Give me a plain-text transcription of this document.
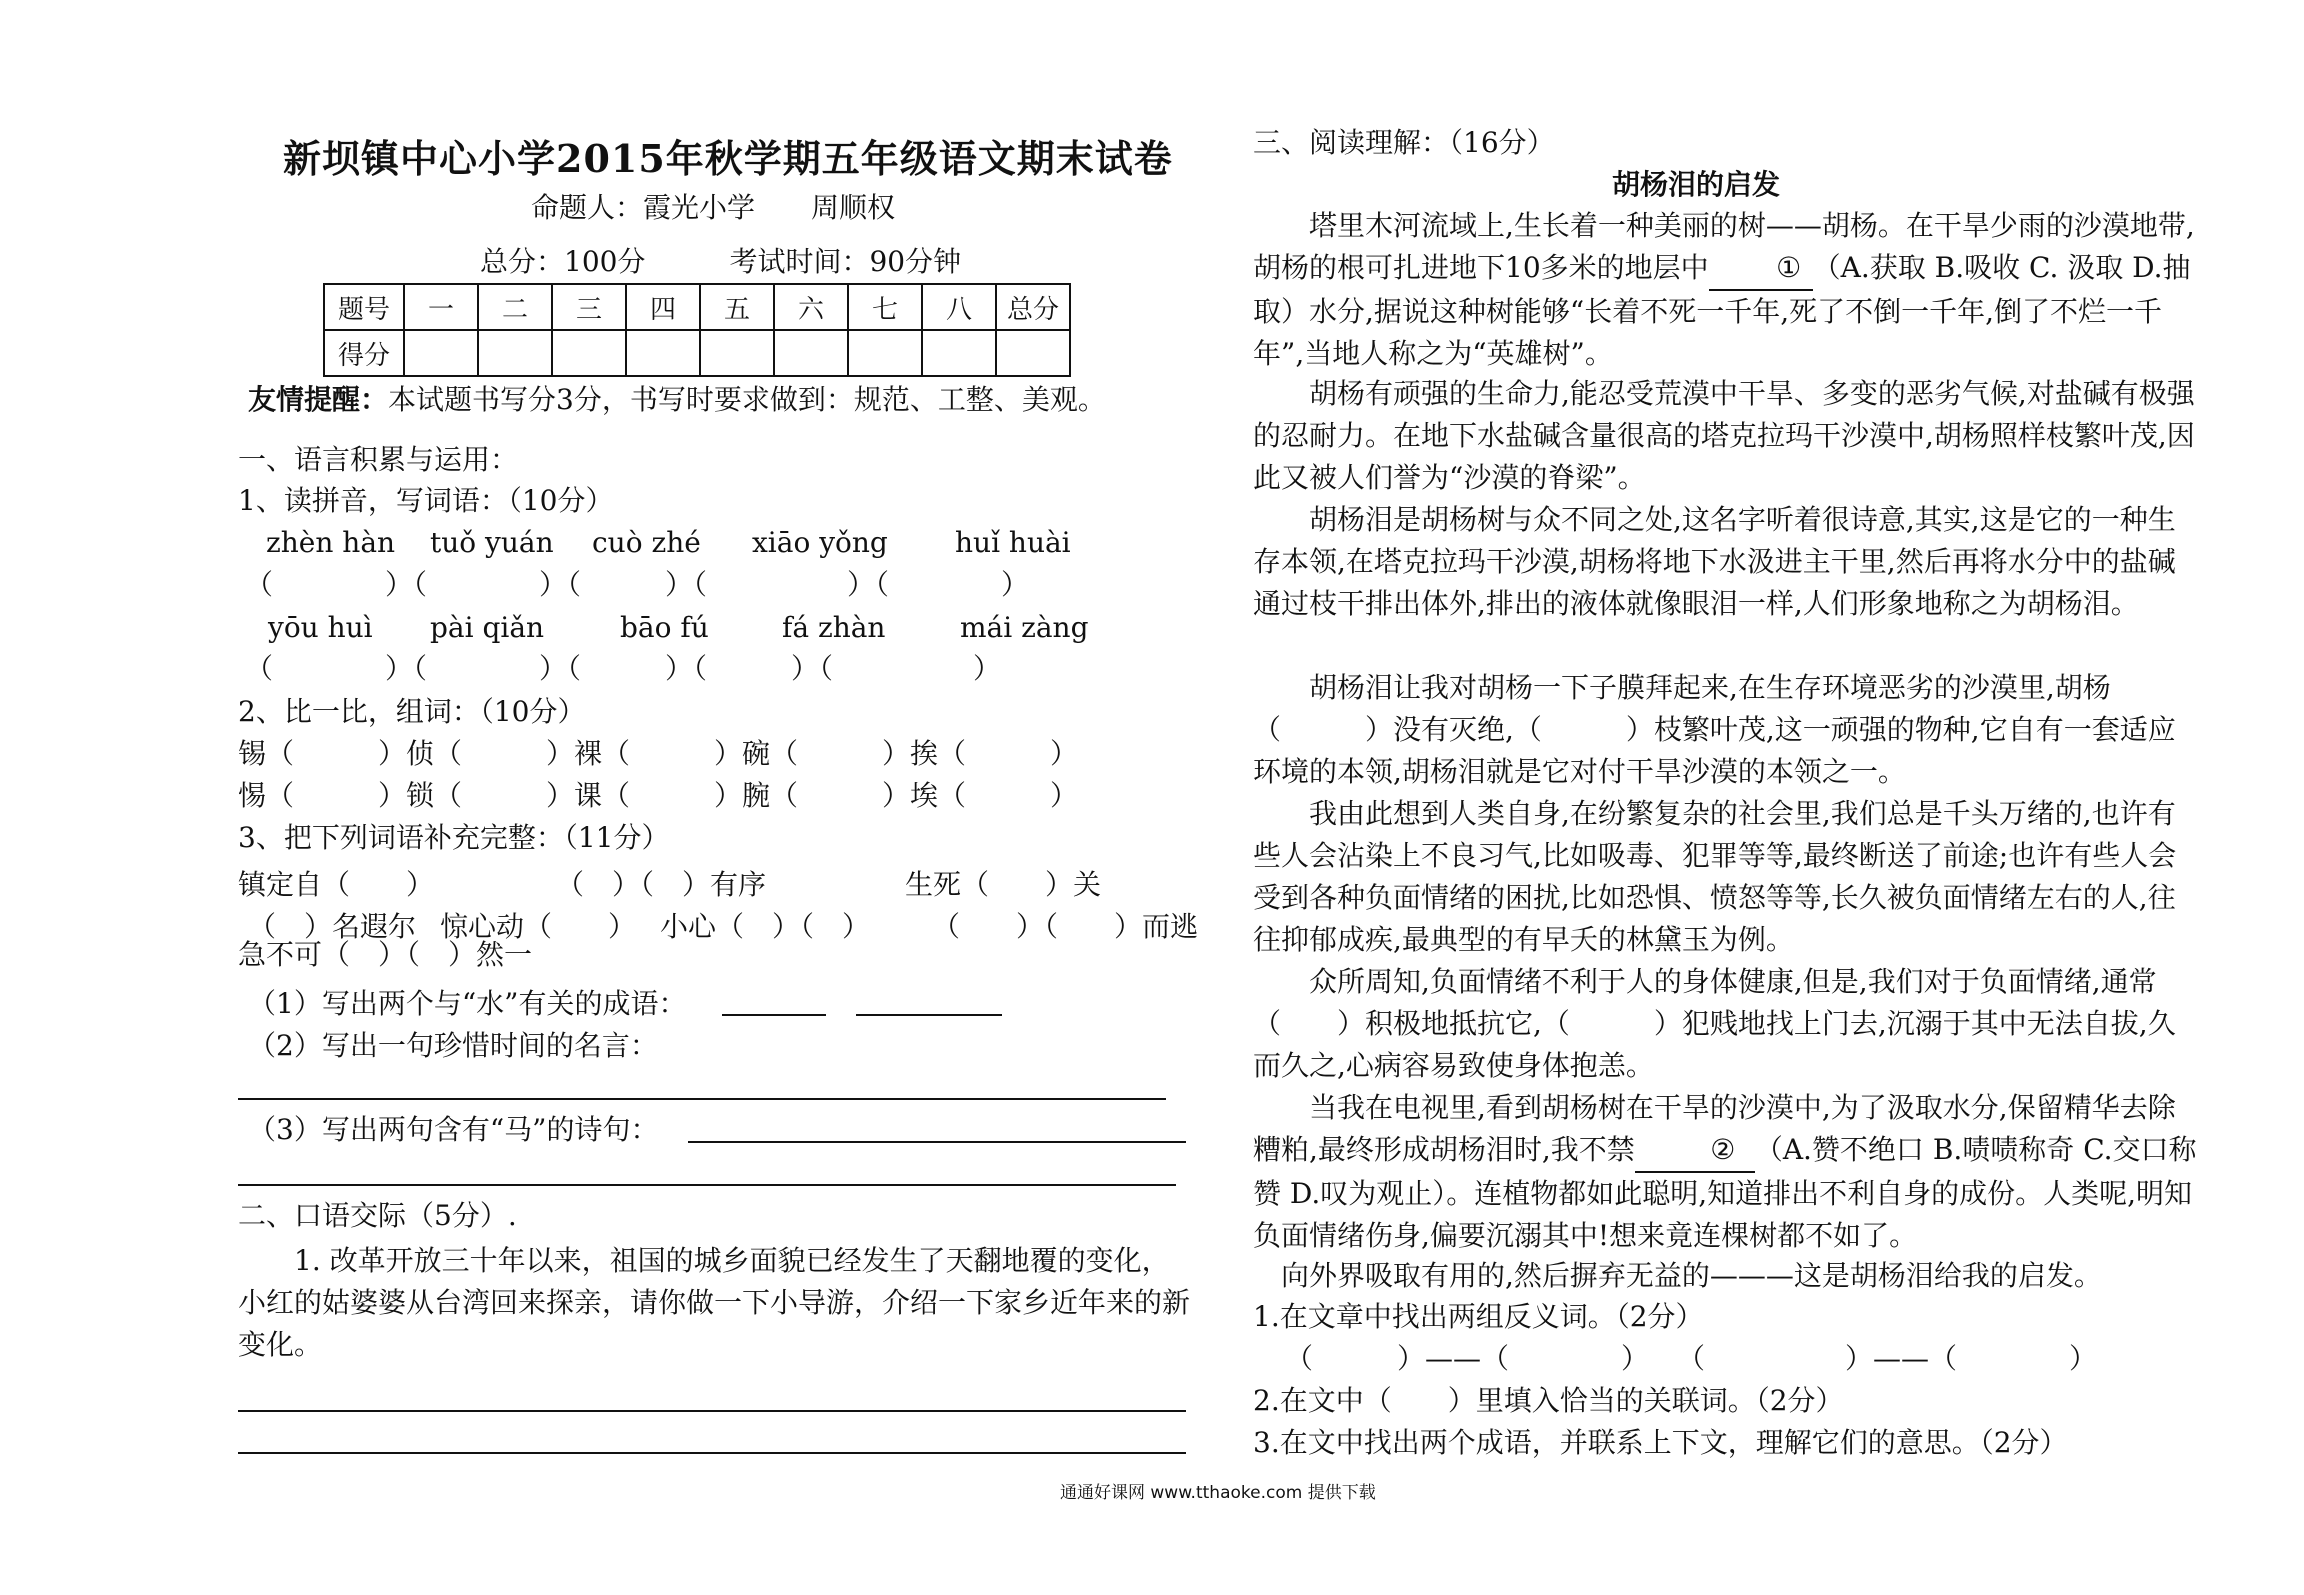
新坝镇中心小学2015年秋学期五年级语文期末试卷
命题人：霞光小学　　周顺权
总分：100分　　　考试时间：90分钟
题号	一	二	三	四	五	六	七	八	总分
得分									
友情提醒：本试题书写分3分，书写时要求做到：规范、工整、美观。
一、语言积累与运用：
1、读拼音，写词语：（10分）
zhèn hàn tuǒ yuán cuò zhé xiāo yǒng huǐ huài
（　　　　）（　　　　）（　　　）（　　　　　）（　　　　）
yōu huì pài qiǎn	bāo fú	fá zhàn	mái zàng
（　　　　）（　　　　）（　　　）（　　　）（　　　　　）
2、比一比，组词：（10分）
锡（　　　）侦（　　　）裸（　　　）碗（　　　）挨（　　　）
惕（　　　）锁（　　　）课（　　　）腕（　　　）埃（　　　）
3、把下列词语补充完整：（11分）
镇定自（　　）	（　）（　）有序	生死（　　）关
（　）名遐尔 惊心动（　　） 小心（　）（　） （　　）（　　）而逃
急不可（　）（　）然一
（1）写出两个与“水”有关的成语：
（2）写出一句珍惜时间的名言：
（3）写出两句含有“马”的诗句：
二、口语交际（5分）.
1. 改革开放三十年以来，祖国的城乡面貌已经发生了天翻地覆的变化，小红的姑婆婆从台湾回来探亲，请你做一下小导游，介绍一下家乡近年来的新变化。
三、阅读理解：（16分）
胡杨泪的启发
塔里木河流域上,生长着一种美丽的树——胡杨。在干旱少雨的沙漠地带,胡杨的根可扎进地下10多米的地层中 ① （A.获取 B.吸收 C. 汲取 D.抽取）水分,据说这种树能够“长着不死一千年,死了不倒一千年,倒了不烂一千年”,当地人称之为“英雄树”。
胡杨有顽强的生命力,能忍受荒漠中干旱、多变的恶劣气候,对盐碱有极强的忍耐力。在地下水盐碱含量很高的塔克拉玛干沙漠中,胡杨照样枝繁叶茂,因此又被人们誉为“沙漠的脊梁”。
胡杨泪是胡杨树与众不同之处,这名字听着很诗意,其实,这是它的一种生存本领,在塔克拉玛干沙漠,胡杨将地下水汲进主干里,然后再将水分中的盐碱通过枝干排出体外,排出的液体就像眼泪一样,人们形象地称之为胡杨泪。
胡杨泪让我对胡杨一下子膜拜起来,在生存环境恶劣的沙漠里,胡杨（　　　）没有灭绝,（　　　）枝繁叶茂,这一顽强的物种,它自有一套适应环境的本领,胡杨泪就是它对付干旱沙漠的本领之一。
我由此想到人类自身,在纷繁复杂的社会里,我们总是千头万绪的,也许有些人会沾染上不良习气,比如吸毒、犯罪等等,最终断送了前途;也许有些人会受到各种负面情绪的困扰,比如恐惧、愤怒等等,长久被负面情绪左右的人,往往抑郁成疾,最典型的有早夭的林黛玉为例。
众所周知,负面情绪不利于人的身体健康,但是,我们对于负面情绪,通常（　　）积极地抵抗它,（　　　）犯贱地找上门去,沉溺于其中无法自拔,久而久之,心病容易致使身体抱恙。
当我在电视里,看到胡杨树在干旱的沙漠中,为了汲取水分,保留精华去除糟粕,最终形成胡杨泪时,我不禁	② （A.赞不绝口 B.啧啧称奇 C.交口称赞 D.叹为观止）。连植物都如此聪明,知道排出不利自身的成份。人类呢,明知负面情绪伤身,偏要沉溺其中!想来竟连棵树都不如了。
向外界吸取有用的,然后摒弃无益的———这是胡杨泪给我的启发。
1.在文章中找出两组反义词。（2分）
（　　　）——（　　　　）　　（　　　　　）——（　　　　）
2.在文中（　　）里填入恰当的关联词。（2分）
3.在文中找出两个成语，并联系上下文，理解它们的意思。（2分）
通通好课网 www.tthaoke.com 提供下载
